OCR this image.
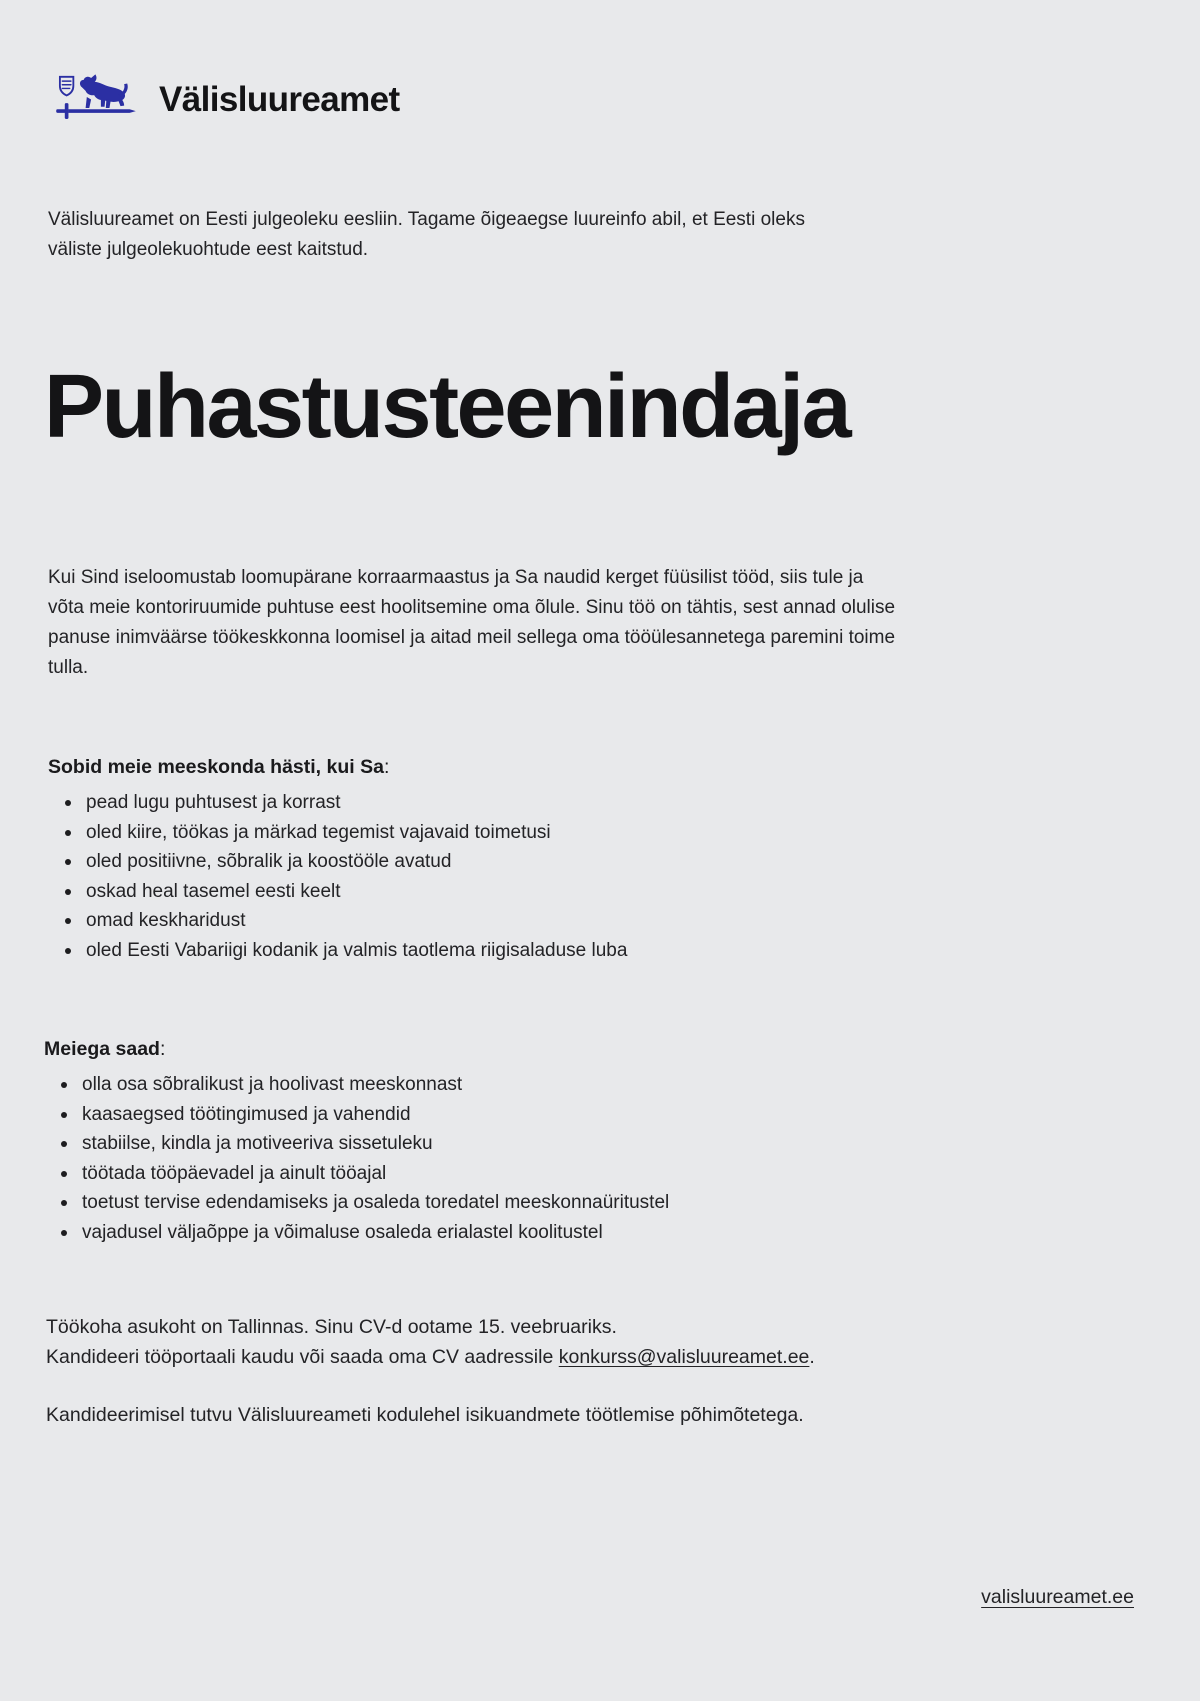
Välisluureamet

Välisluureamet on Eesti julgeoleku eesliin. Tagame õigeaegse luureinfo abil, et Eesti oleks väliste julgeolekuohtude eest kaitstud.

Puhastusteenindaja

Kui Sind iseloomustab loomupärane korraarmaastus ja Sa naudid kerget füüsilist tööd, siis tule ja võta meie kontoriruumide puhtuse eest hoolitsemine oma õlule. Sinu töö on tähtis, sest annad olulise panuse inimväärse töökeskkonna loomisel ja aitad meil sellega oma tööülesannetega paremini toime tulla.

Sobid meie meeskonda hästi, kui Sa:
pead lugu puhtusest ja korrast
oled kiire, töökas ja märkad tegemist vajavaid toimetusi
oled positiivne, sõbralik ja koostööle avatud
oskad heal tasemel eesti keelt
omad keskharidust
oled Eesti Vabariigi kodanik ja valmis taotlema riigisaladuse luba
Meiega saad:
olla osa sõbralikust ja hoolivast meeskonnast
kaasaegsed töötingimused ja vahendid
stabiilse, kindla ja motiveeriva sissetuleku
töötada tööpäevadel ja ainult tööajal
toetust tervise edendamiseks ja osaleda toredatel meeskonnaüritustel
vajadusel väljaõppe ja võimaluse osaleda erialastel koolitustel
Töökoha asukoht on Tallinnas. Sinu CV-d ootame 15. veebruariks.
Kandideeri tööportaali kaudu või saada oma CV aadressile konkurss@valisluureamet.ee.
Kandideerimisel tutvu Välisluureameti kodulehel isikuandmete töötlemise põhimõtetega.
valisluureamet.ee
